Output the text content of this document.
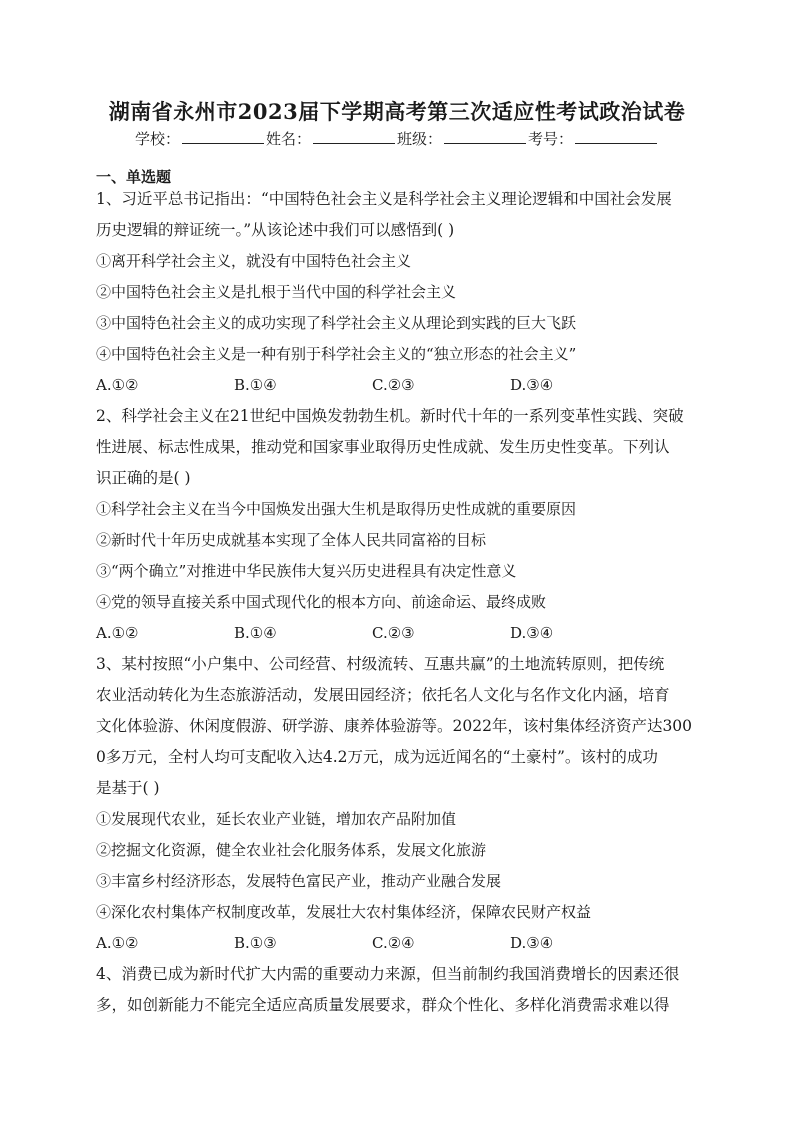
湖南省永州市2023届下学期高考第三次适应性考试政治试卷
学校：	姓名：	班级：	考号：
一、单选题
1、习近平总书记指出：“中国特色社会主义是科学社会主义理论逻辑和中国社会发展
历史逻辑的辩证统一。”从该论述中我们可以感悟到( )
①离开科学社会主义，就没有中国特色社会主义
②中国特色社会主义是扎根于当代中国的科学社会主义
③中国特色社会主义的成功实现了科学社会主义从理论到实践的巨大飞跃
④中国特色社会主义是一种有别于科学社会主义的“独立形态的社会主义”
A.①②	B.①④	C.②③	D.③④
2、科学社会主义在21世纪中国焕发勃勃生机。新时代十年的一系列变革性实践、突破
性进展、标志性成果，推动党和国家事业取得历史性成就、发生历史性变革。下列认
识正确的是( )
①科学社会主义在当今中国焕发出强大生机是取得历史性成就的重要原因
②新时代十年历史成就基本实现了全体人民共同富裕的目标
③“两个确立”对推进中华民族伟大复兴历史进程具有决定性意义
④党的领导直接关系中国式现代化的根本方向、前途命运、最终成败
A.①②	B.①④	C.②③	D.③④
3、某村按照“小户集中、公司经营、村级流转、互惠共赢”的土地流转原则，把传统
农业活动转化为生态旅游活动，发展田园经济；依托名人文化与名作文化内涵，培育
文化体验游、休闲度假游、研学游、康养体验游等。2022年，该村集体经济资产达300
0多万元，全村人均可支配收入达4.2万元，成为远近闻名的“土豪村”。该村的成功
是基于( )
①发展现代农业，延长农业产业链，增加农产品附加值
②挖掘文化资源，健全农业社会化服务体系，发展文化旅游
③丰富乡村经济形态，发展特色富民产业，推动产业融合发展
④深化农村集体产权制度改革，发展壮大农村集体经济，保障农民财产权益
A.①②	B.①③	C.②④	D.③④
4、消费已成为新时代扩大内需的重要动力来源，但当前制约我国消费增长的因素还很
多，如创新能力不能完全适应高质量发展要求，群众个性化、多样化消费需求难以得
